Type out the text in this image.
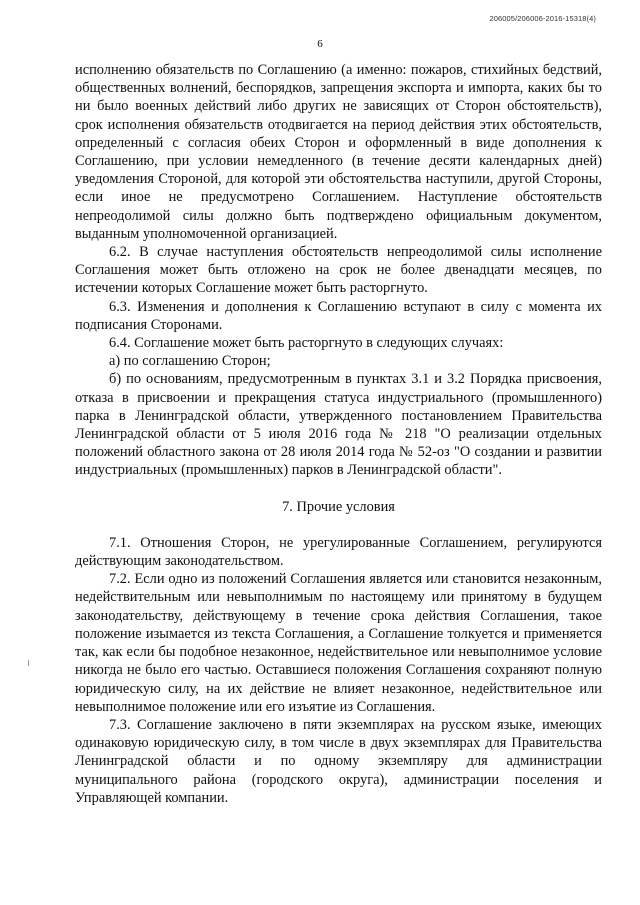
206005/206006-2016-15318(4)
6

исполнению обязательств по Соглашению (а именно: пожаров, стихийных бедствий, общественных волнений, беспорядков, запрещения экспорта и импорта, каких бы то ни было военных действий либо других не зависящих от Сторон обстоятельств), срок исполнения обязательств отодвигается на период действия этих обстоятельств, определенный с согласия обеих Сторон и оформленный в виде дополнения к Соглашению, при условии немедленного (в течение десяти календарных дней) уведомления Стороной, для которой эти обстоятельства наступили, другой Стороны, если иное не предусмотрено Соглашением. Наступление обстоятельств непреодолимой силы должно быть подтверждено официальным документом, выданным уполномоченной организацией.

6.2. В случае наступления обстоятельств непреодолимой силы исполнение Соглашения может быть отложено на срок не более двенадцати месяцев, по истечении которых Соглашение может быть расторгнуто.

6.3. Изменения и дополнения к Соглашению вступают в силу с момента их подписания Сторонами.

6.4. Соглашение может быть расторгнуто в следующих случаях:

а) по соглашению Сторон;

б) по основаниям, предусмотренным в пунктах 3.1 и 3.2 Порядка присвоения, отказа в присвоении и прекращения статуса индустриального (промышленного) парка в Ленинградской области, утвержденного постановлением Правительства Ленинградской области от 5 июля 2016 года № 218 "О реализации отдельных положений областного закона от 28 июля 2014 года № 52-оз "О создании и развитии индустриальных (промышленных) парков в Ленинградской области".

7. Прочие условия

7.1. Отношения Сторон, не урегулированные Соглашением, регулируются действующим законодательством.

7.2. Если одно из положений Соглашения является или становится незаконным, недействительным или невыполнимым по настоящему или принятому в будущем законодательству, действующему в течение срока действия Соглашения, такое положение изымается из текста Соглашения, а Соглашение толкуется и применяется так, как если бы подобное незаконное, недействительное или невыполнимое условие никогда не было его частью. Оставшиеся положения Соглашения сохраняют полную юридическую силу, на их действие не влияет незаконное, недействительное или невыполнимое положение или его изъятие из Соглашения.

7.3. Соглашение заключено в пяти экземплярах на русском языке, имеющих одинаковую юридическую силу, в том числе в двух экземплярах для Правительства Ленинградской области и по одному экземпляру для администрации муниципального района (городского округа), администрации поселения и Управляющей компании.
